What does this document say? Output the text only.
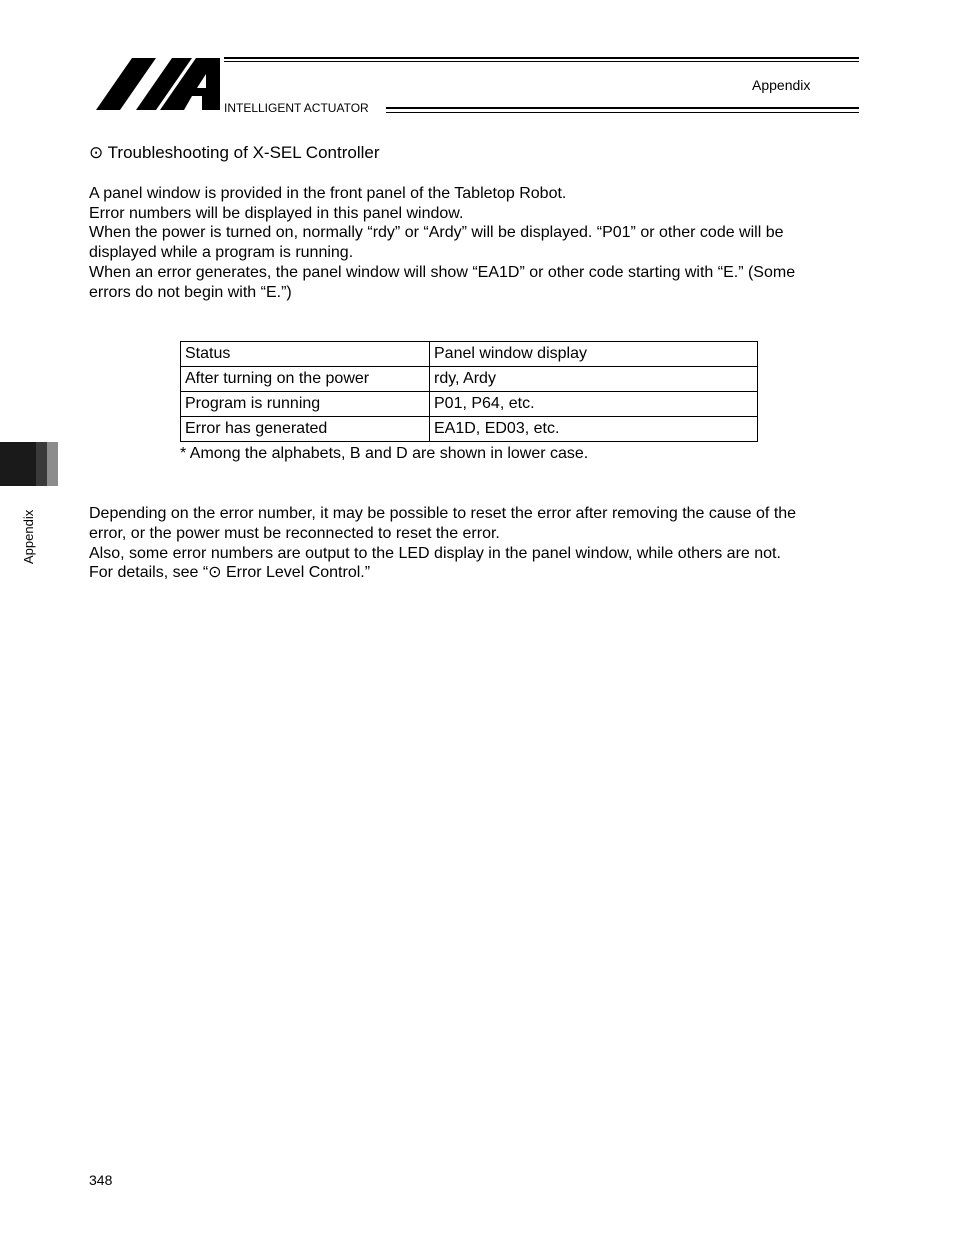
INTELLIGENT ACTUATOR
Appendix
⊙ Troubleshooting of X-SEL Controller
A panel window is provided in the front panel of the Tabletop Robot.
Error numbers will be displayed in this panel window.
When the power is turned on, normally “rdy” or “Ardy” will be displayed. “P01” or other code will be
displayed while a program is running.
When an error generates, the panel window will show “EA1D” or other code starting with “E.” (Some
errors do not begin with “E.”)
Status	Panel window display
After turning on the power	rdy, Ardy
Program is running	P01, P64, etc.
Error has generated	EA1D, ED03, etc.
* Among the alphabets, B and D are shown in lower case.
Depending on the error number, it may be possible to reset the error after removing the cause of the
error, or the power must be reconnected to reset the error.
Also, some error numbers are output to the LED display in the panel window, while others are not.
For details, see “⊙ Error Level Control.”
Appendix
348
